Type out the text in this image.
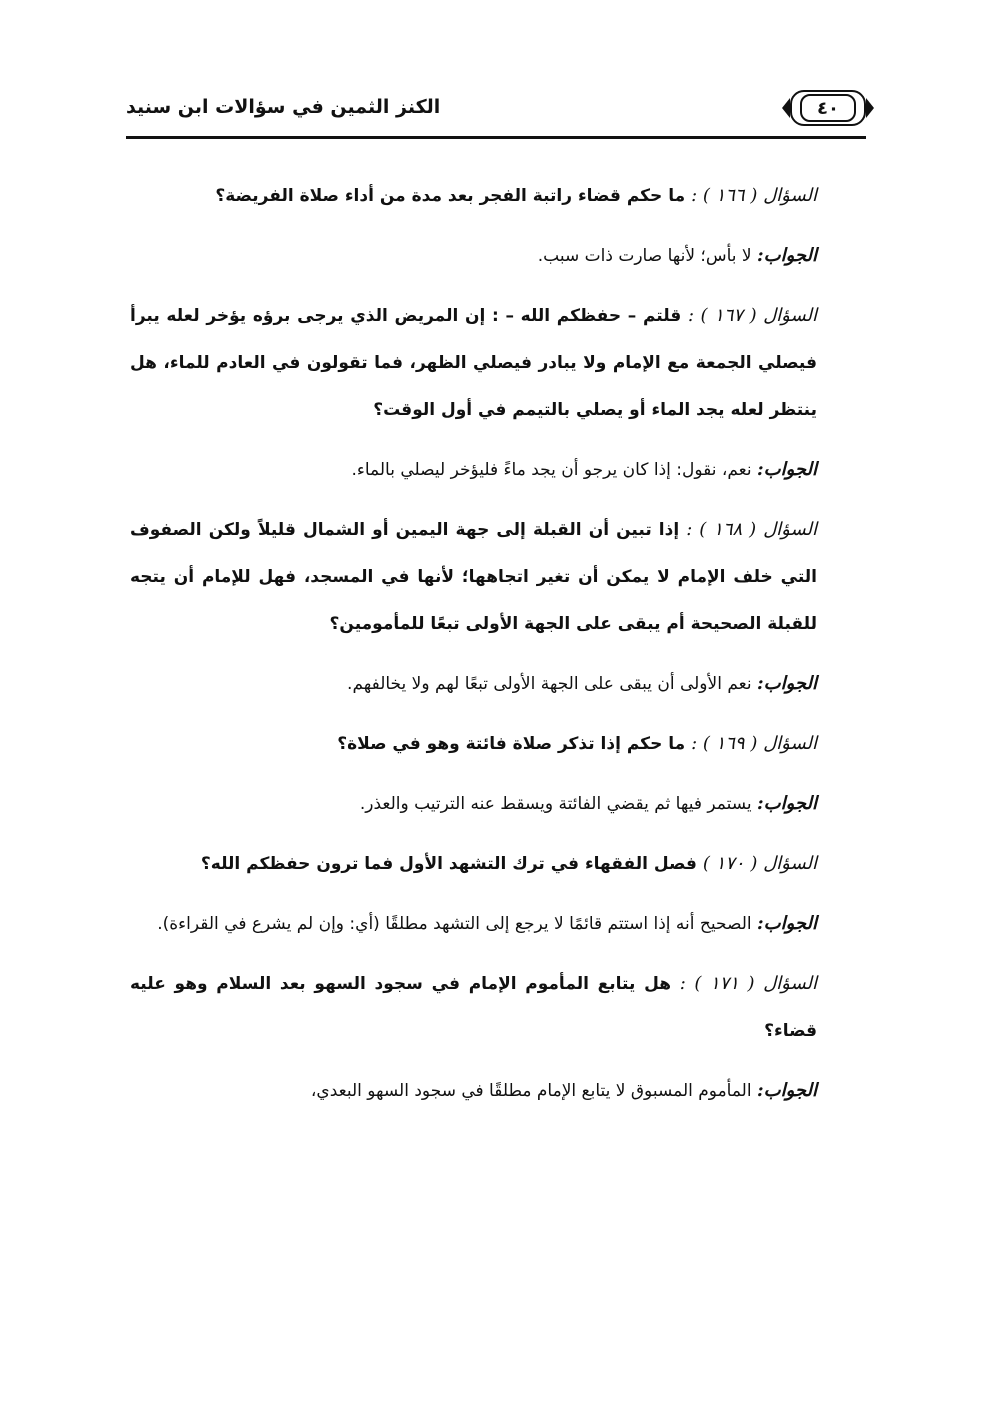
الكنز الثمين في سؤالات ابن سنيد	٤٠

السؤال ( ١٦٦ ) : ما حكم قضاء راتبة الفجر بعد مدة من أداء صلاة الفريضة؟

الجواب: لا بأس؛ لأنها صارت ذات سبب.

السؤال ( ١٦٧ ) : قلتم – حفظكم الله – : إن المريض الذي يرجى برؤه يؤخر لعله يبرأ فيصلي الجمعة مع الإمام ولا يبادر فيصلي الظهر، فما تقولون في العادم للماء، هل ينتظر لعله يجد الماء أو يصلي بالتيمم في أول الوقت؟

الجواب: نعم، نقول: إذا كان يرجو أن يجد ماءً فليؤخر ليصلي بالماء.

السؤال ( ١٦٨ ) : إذا تبين أن القبلة إلى جهة اليمين أو الشمال قليلاً ولكن الصفوف التي خلف الإمام لا يمكن أن تغير اتجاهها؛ لأنها في المسجد، فهل للإمام أن يتجه للقبلة الصحيحة أم يبقى على الجهة الأولى تبعًا للمأمومين؟

الجواب: نعم الأولى أن يبقى على الجهة الأولى تبعًا لهم ولا يخالفهم.

السؤال ( ١٦٩ ) : ما حكم إذا تذكر صلاة فائتة وهو في صلاة؟

الجواب: يستمر فيها ثم يقضي الفائتة ويسقط عنه الترتيب والعذر.

السؤال ( ١٧٠ ) فصل الفقهاء في ترك التشهد الأول فما ترون حفظكم الله؟

الجواب: الصحيح أنه إذا استتم قائمًا لا يرجع إلى التشهد مطلقًا (أي: وإن لم يشرع في القراءة).

السؤال ( ١٧١ ) : هل يتابع المأموم الإمام في سجود السهو بعد السلام وهو عليه قضاء؟

الجواب: المأموم المسبوق لا يتابع الإمام مطلقًا في سجود السهو البعدي،
